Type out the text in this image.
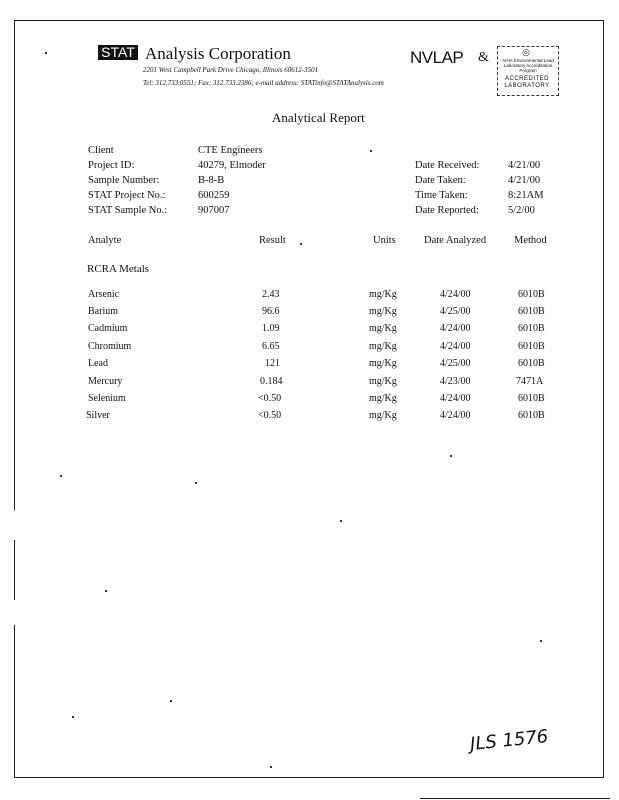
STAT Analysis Corporation
2201 West Campbell Park Drive Chicago, Illinois 60612-3501
Tel: 312.733.0551; Fax: 312.733.2386; e-mail address: STATinfo@STATAnalysis.com
NVLAP &	◎
AIHA Environmental Lead Laboratory Accreditation Program
ACCREDITED LABORATORY
Analytical Report
Client	CTE Engineers
Project ID:	40279, Elmoder
Sample Number:	B-8-B
STAT Project No.:	600259
STAT Sample No.:	907007
Date Received:	4/21/00
Date Taken:	4/21/00
Time Taken:	8:21AM
Date Reported:	5/2/00
Analyte	Result	Units	Date Analyzed	Method
RCRA Metals
Arsenic	2.43	mg/Kg	4/24/00	6010B
Barium	96.6	mg/Kg	4/25/00	6010B
Cadmium	1.09	mg/Kg	4/24/00	6010B
Chromium	6.65	mg/Kg	4/24/00	6010B
Lead	121	mg/Kg	4/25/00	6010B
Mercury	0.184	mg/Kg	4/23/00	7471A
Selenium	<0.50	mg/Kg	4/24/00	6010B
Silver	<0.50	mg/Kg	4/24/00	6010B
JLS 1576
